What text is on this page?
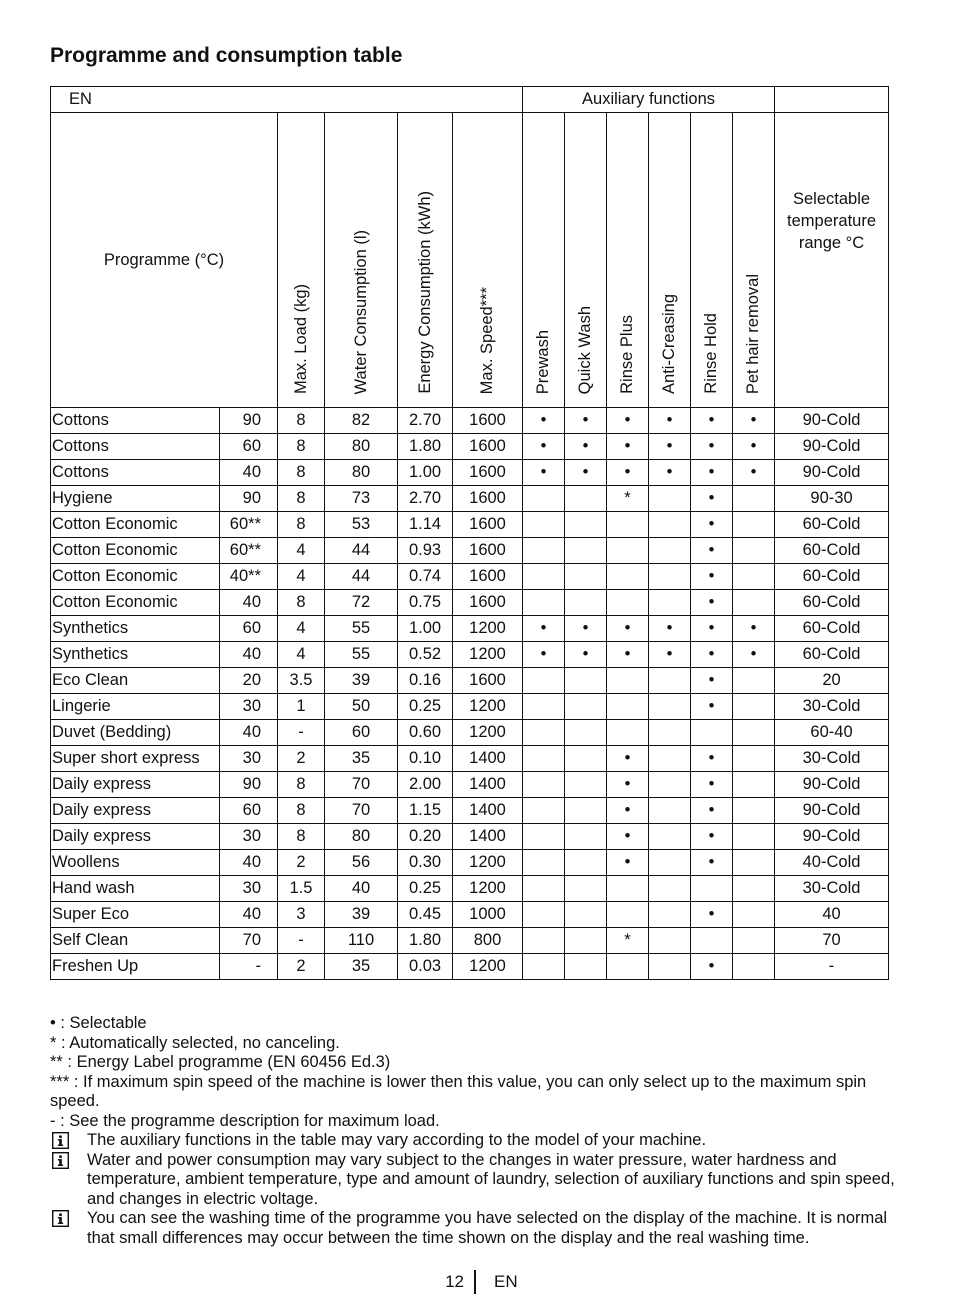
Programme and consumption table
EN						Auxiliary functions						
Programme (°C)		Max. Load (kg)	Water Consumption (l)	Energy Consumption (kWh)	Max. Speed***	Prewash	Quick Wash	Rinse Plus	Anti-Creasing	Rinse Hold	Pet hair removal	Selectable temperature range °C
Cottons	90	8	82	2.70	1600	•	•	•	•	•	•	90-Cold
Cottons	60	8	80	1.80	1600	•	•	•	•	•	•	90-Cold
Cottons	40	8	80	1.00	1600	•	•	•	•	•	•	90-Cold
Hygiene	90	8	73	2.70	1600			*		•		90-30
Cotton Economic	60**	8	53	1.14	1600					•		60-Cold
Cotton Economic	60**	4	44	0.93	1600					•		60-Cold
Cotton Economic	40**	4	44	0.74	1600					•		60-Cold
Cotton Economic	40	8	72	0.75	1600					•		60-Cold
Synthetics	60	4	55	1.00	1200	•	•	•	•	•	•	60-Cold
Synthetics	40	4	55	0.52	1200	•	•	•	•	•	•	60-Cold
Eco Clean	20	3.5	39	0.16	1600					•		20
Lingerie	30	1	50	0.25	1200					•		30-Cold
Duvet (Bedding)	40	-	60	0.60	1200							60-40
Super short express	30	2	35	0.10	1400			•		•		30-Cold
Daily express	90	8	70	2.00	1400			•		•		90-Cold
Daily express	60	8	70	1.15	1400			•		•		90-Cold
Daily express	30	8	80	0.20	1400			•		•		90-Cold
Woollens	40	2	56	0.30	1200			•		•		40-Cold
Hand wash	30	1.5	40	0.25	1200							30-Cold
Super Eco	40	3	39	0.45	1000					•		40
Self Clean	70	-	110	1.80	800			*				70
Freshen Up	-	2	35	0.03	1200					•		-

• : Selectable

* : Automatically selected, no canceling.

** : Energy Label programme (EN 60456 Ed.3)

*** : If maximum spin speed of the machine is lower then this value, you can only select up to the maximum spin speed.

- : See the programme description for maximum load.

The auxiliary functions in the table may vary according to the model of your machine.

Water and power consumption may vary subject to the changes in water pressure, water hardness and temperature, ambient temperature, type and amount of laundry, selection of auxiliary functions and spin speed, and changes in electric voltage.

You can see the washing time of the programme you have selected on the display of the machine. It is normal that small differences may occur between the time shown on the display and the real washing time.

12 EN
